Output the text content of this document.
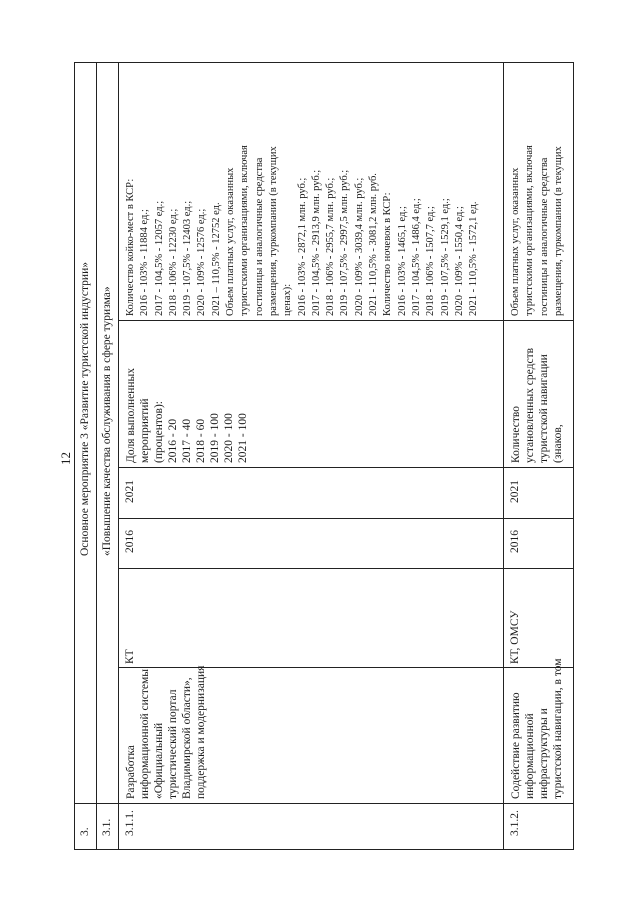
12
3.
Основное мероприятие 3 «Развитие туристской индустрии»
3.1.
«Повышение качества обслуживания в сфере туризма»
3.1.1.
Разработка информационной системы «Официальный туристический портал Владимирской области», поддержка и модернизация
КТ
2016
2021
Доля выполненных мероприятий (процентов): 2016 - 20 2017 - 40 2018 - 60 2019 - 100 2020 - 100 2021 - 100
Количество койко-мест в КСР: 2016 - 103% - 11884 ед.; 2017 - 104,5% - 12057 ед.; 2018 - 106% - 12230 ед.; 2019 - 107,5% - 12403 ед.; 2020 - 109% - 12576 ед.; 2021 – 110,5% - 12752 ед. Объем платных услуг, оказанных туристскими организациями, включая гостиницы и аналогичные средства размещения, туркомпании (в текущих ценах): 2016 - 103% - 2872,1 млн. руб.; 2017 - 104,5% - 2913,9 млн. руб.; 2018 - 106% - 2955,7 млн. руб.; 2019 - 107,5% - 2997,5 млн. руб.; 2020 - 109% - 3039,4 млн. руб.; 2021 - 110,5% - 3081,2 млн. руб. Количество ночевок в КСР: 2016 - 103% - 1465,1 ед.; 2017 - 104,5% - 1486,4 ед.; 2018 - 106% - 1507,7 ед.; 2019 - 107,5% - 1529,1 ед.; 2020 - 109% - 1550,4 ед.; 2021 - 110,5% - 1572,1 ед.
3.1.2.
Содействие развитию информационной инфраструктуры и туристской навигации, в том
КТ, ОМСУ
2016
2021
Количество установленных средств туристской навигации (знаков,
Объем платных услуг, оказанных туристскими организациями, включая гостиницы и аналогичные средства размещения, туркомпании (в текущих
